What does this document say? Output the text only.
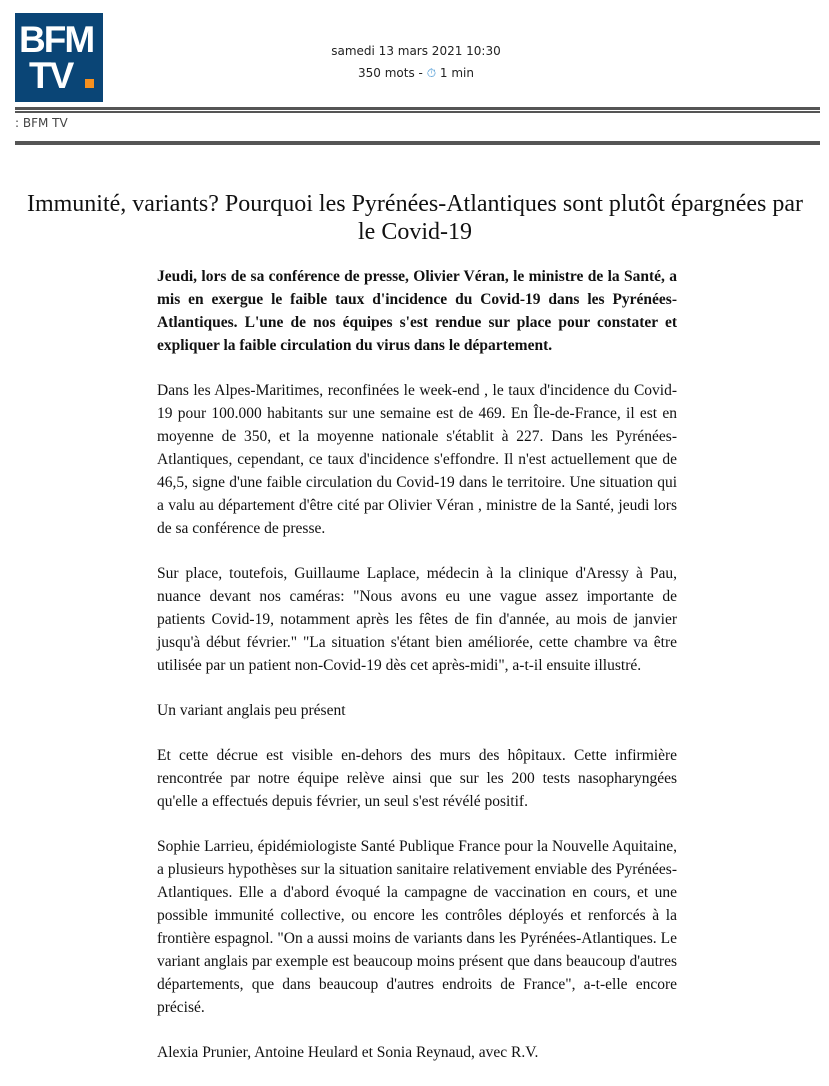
BFM
TV
samedi 13 mars 2021 10:30
350 mots - ⏱ 1 min
: BFM TV
Immunité, variants? Pourquoi les Pyrénées-Atlantiques sont plutôt épargnées par le Covid-19

Jeudi, lors de sa conférence de presse, Olivier Véran, le ministre de la Santé, a mis en exergue le faible taux d'incidence du Covid-19 dans les Pyrénées-Atlantiques. L'une de nos équipes s'est rendue sur place pour constater et expliquer la faible circulation du virus dans le département.

Dans les Alpes-Maritimes, reconfinées le week-end , le taux d'incidence du Covid-19 pour 100.000 habitants sur une semaine est de 469. En Île-de-France, il est en moyenne de 350, et la moyenne nationale s'établit à 227. Dans les Pyrénées-Atlantiques, cependant, ce taux d'incidence s'effondre. Il n'est actuellement que de 46,5, signe d'une faible circulation du Covid-19 dans le territoire. Une situation qui a valu au département d'être cité par Olivier Véran , ministre de la Santé, jeudi lors de sa conférence de presse.

Sur place, toutefois, Guillaume Laplace, médecin à la clinique d'Aressy à Pau, nuance devant nos caméras: "Nous avons eu une vague assez importante de patients Covid-19, notamment après les fêtes de fin d'année, au mois de janvier jusqu'à début février." "La situation s'étant bien améliorée, cette chambre va être utilisée par un patient non-Covid-19 dès cet après-midi", a-t-il ensuite illustré.

Un variant anglais peu présent

Et cette décrue est visible en-dehors des murs des hôpitaux. Cette infirmière rencontrée par notre équipe relève ainsi que sur les 200 tests nasopharyngées qu'elle a effectués depuis février, un seul s'est révélé positif.

Sophie Larrieu, épidémiologiste Santé Publique France pour la Nouvelle Aquitaine, a plusieurs hypothèses sur la situation sanitaire relativement enviable des Pyrénées-Atlantiques. Elle a d'abord évoqué la campagne de vaccination en cours, et une possible immunité collective, ou encore les contrôles déployés et renforcés à la frontière espagnol. "On a aussi moins de variants dans les Pyrénées-Atlantiques. Le variant anglais par exemple est beaucoup moins présent que dans beaucoup d'autres départements, que dans beaucoup d'autres endroits de France", a-t-elle encore précisé.

Alexia Prunier, Antoine Heulard et Sonia Reynaud, avec R.V.
